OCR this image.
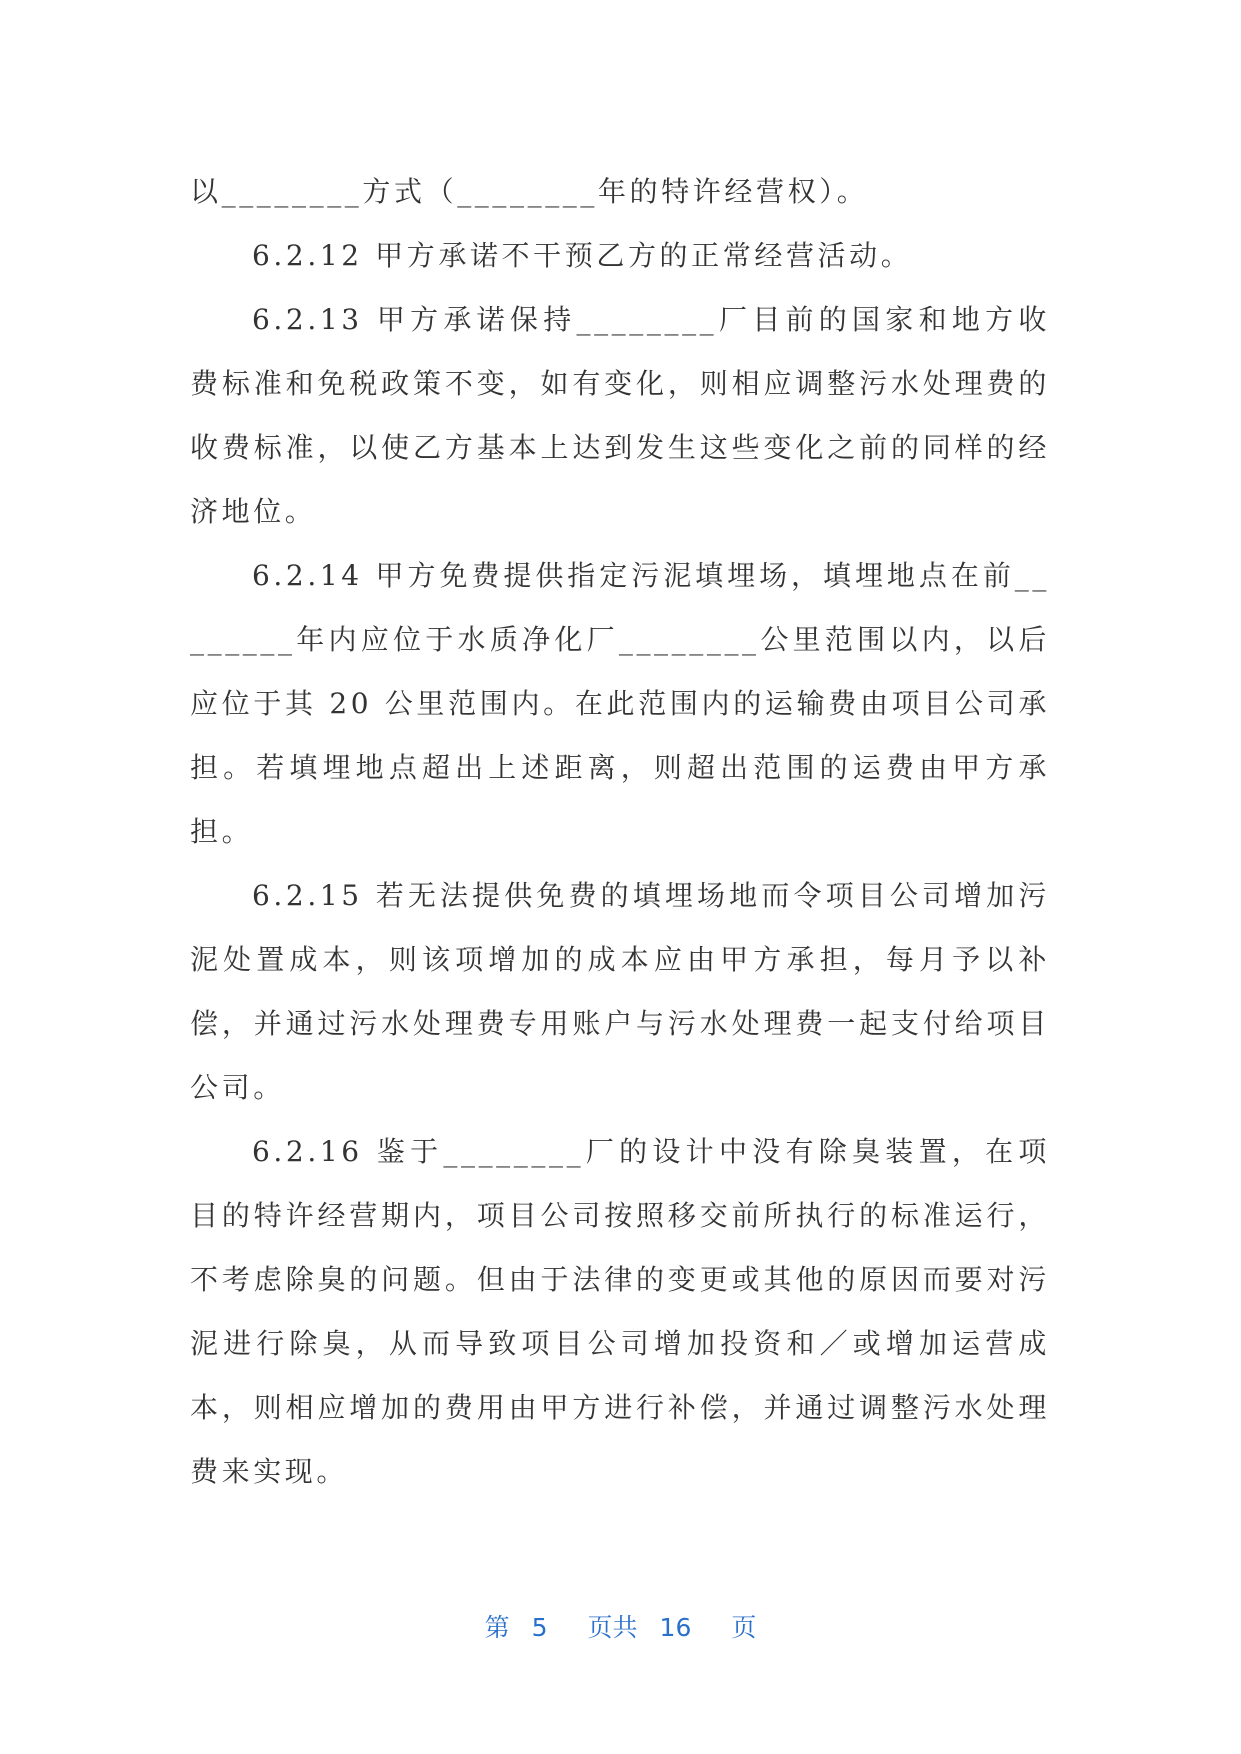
以________方式（________年的特许经营权）。

6.2.12 甲方承诺不干预乙方的正常经营活动。

6.2.13 甲方承诺保持________厂目前的国家和地方收费标准和免税政策不变，如有变化，则相应调整污水处理费的收费标准，以使乙方基本上达到发生这些变化之前的同样的经济地位。

6.2.14 甲方免费提供指定污泥填埋场，填埋地点在前________年内应位于水质净化厂________公里范围以内，以后应位于其 20 公里范围内。在此范围内的运输费由项目公司承担。若填埋地点超出上述距离，则超出范围的运费由甲方承担。

6.2.15 若无法提供免费的填埋场地而令项目公司增加污泥处置成本，则该项增加的成本应由甲方承担，每月予以补偿，并通过污水处理费专用账户与污水处理费一起支付给项目公司。

6.2.16 鉴于________厂的设计中没有除臭装置，在项目的特许经营期内，项目公司按照移交前所执行的标准运行，不考虑除臭的问题。但由于法律的变更或其他的原因而要对污泥进行除臭，从而导致项目公司增加投资和／或增加运营成本，则相应增加的费用由甲方进行补偿，并通过调整污水处理费来实现。

第 5 页共 16 页
